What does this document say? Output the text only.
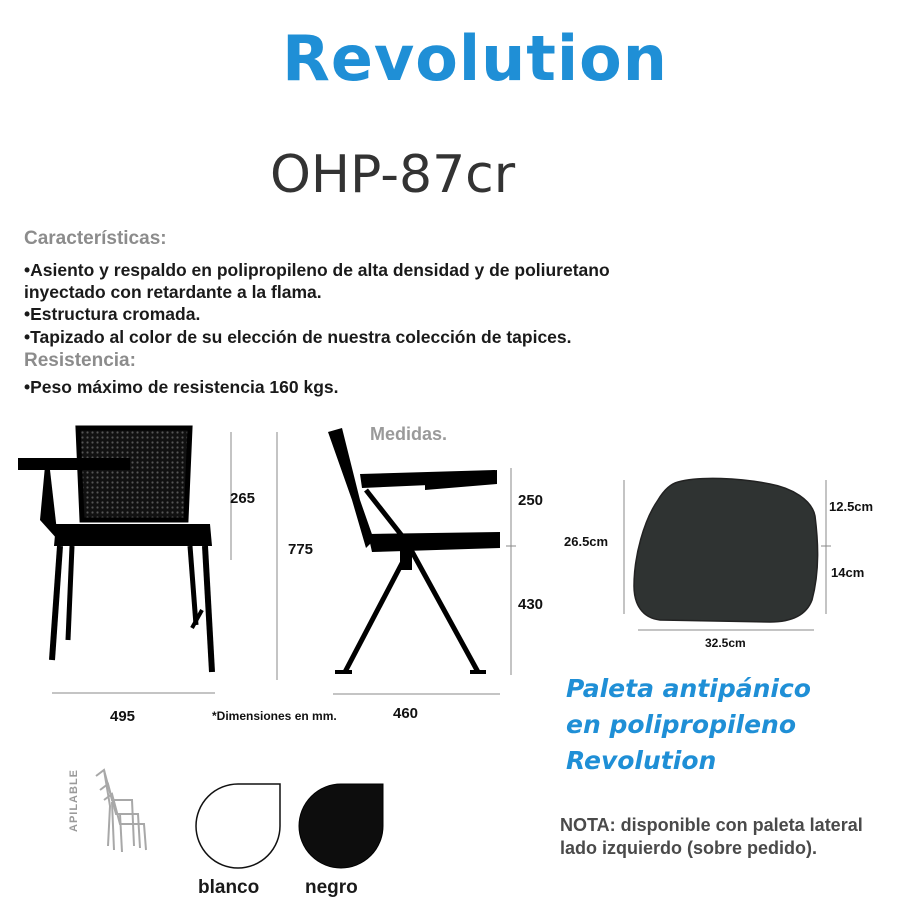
Revolution
OHP-87cr
Características:
•Asiento y respaldo en polipropileno de alta densidad y de poliuretano
inyectado con retardante a la flama.
•Estructura cromada.
•Tapizado al color de su elección de nuestra colección de tapices.
Resistencia:
•Peso máximo de resistencia 160 kgs.
Medidas.
265
775
495	*Dimensiones en mm.
250
430
460
26.5cm
12.5cm
14cm
32.5cm
Paleta antipánico
en polipropileno
Revolution
NOTA: disponible con paleta lateral lado izquierdo (sobre pedido).
APILABLE
blanco negro
